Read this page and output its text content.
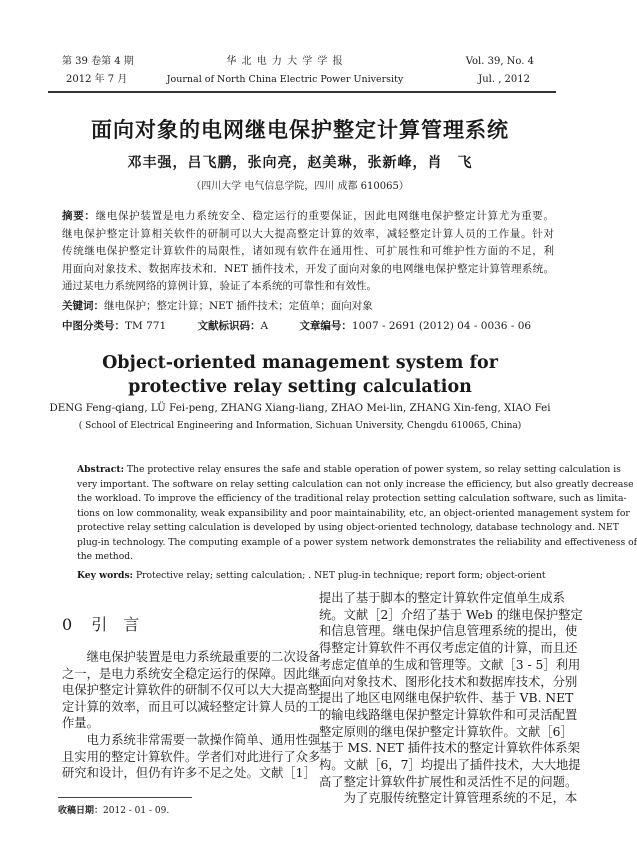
第 39 卷第 4 期
2012 年 7 月
华 北 电 力 大 学 学 报
Journal of North China Electric Power University
Vol. 39, No. 4
Jul. , 2012
面向对象的电网继电保护整定计算管理系统
邓丰强，吕飞鹏，张向亮，赵美琳，张新峰，肖　飞
（四川大学 电气信息学院，四川 成都 610065）
摘要：继电保护装置是电力系统安全、稳定运行的重要保证，因此电网继电保护整定计算尤为重要。
继电保护整定计算相关软件的研制可以大大提高整定计算的效率，减轻整定计算人员的工作量。针对
传统继电保护整定计算软件的局限性，诸如现有软件在通用性、可扩展性和可维护性方面的不足，利
用面向对象技术、数据库技术和．NET 插件技术，开发了面向对象的电网继电保护整定计算管理系统。
通过某电力系统网络的算例计算，验证了本系统的可靠性和有效性。
关键词：继电保护；整定计算；NET 插件技术；定值单；面向对象
中图分类号：TM 771	文献标识码：A	文章编号：1007 - 2691 (2012) 04 - 0036 - 06
Object-oriented management system for
protective relay setting calculation
DENG Feng-qiang, LÜ Fei-peng, ZHANG Xiang-liang, ZHAO Mei-lin, ZHANG Xin-feng, XIAO Fei
( School of Electrical Engineering and Information, Sichuan University, Chengdu 610065, China)
Abstract: The protective relay ensures the safe and stable operation of power system, so relay setting calculation is
very important. The software on relay setting calculation can not only increase the efficiency, but also greatly decrease
the workload. To improve the efficiency of the traditional relay protection setting calculation software, such as limita-
tions on low commonality, weak expansibility and poor maintainability, etc, an object-oriented management system for
protective relay setting calculation is developed by using object-oriented technology, database technology and. NET
plug-in technology. The computing example of a power system network demonstrates the reliability and effectiveness of
the method.
Key words: Protective relay; setting calculation; . NET plug-in technique; report form; object-orient
0 引　言
　　继电保护装置是电力系统最重要的二次设备
之一，是电力系统安全稳定运行的保障。因此继
电保护整定计算软件的研制不仅可以大大提高整
定计算的效率，而且可以减轻整定计算人员的工
作量。
　　电力系统非常需要一款操作简单、通用性强
且实用的整定计算软件。学者们对此进行了众多
研究和设计，但仍有许多不足之处。文献［1］
收稿日期：2012 - 01 - 09.
提出了基于脚本的整定计算软件定值单生成系
统。文献［2］介绍了基于 Web 的继电保护整定
和信息管理。继电保护信息管理系统的提出，使
得整定计算软件不再仅考虑定值的计算，而且还
考虑定值单的生成和管理等。文献［3 - 5］利用
面向对象技术、图形化技术和数据库技术，分别
提出了地区电网继电保护软件、基于 VB. NET
的输电线路继电保护整定计算软件和可灵活配置
整定原则的继电保护整定计算软件。文献［6］
基于 MS. NET 插件技术的整定计算软件体系架
构。文献［6，7］均提出了插件技术，大大地提
高了整定计算软件扩展性和灵活性不足的问题。
　　为了克服传统整定计算管理系统的不足，本
